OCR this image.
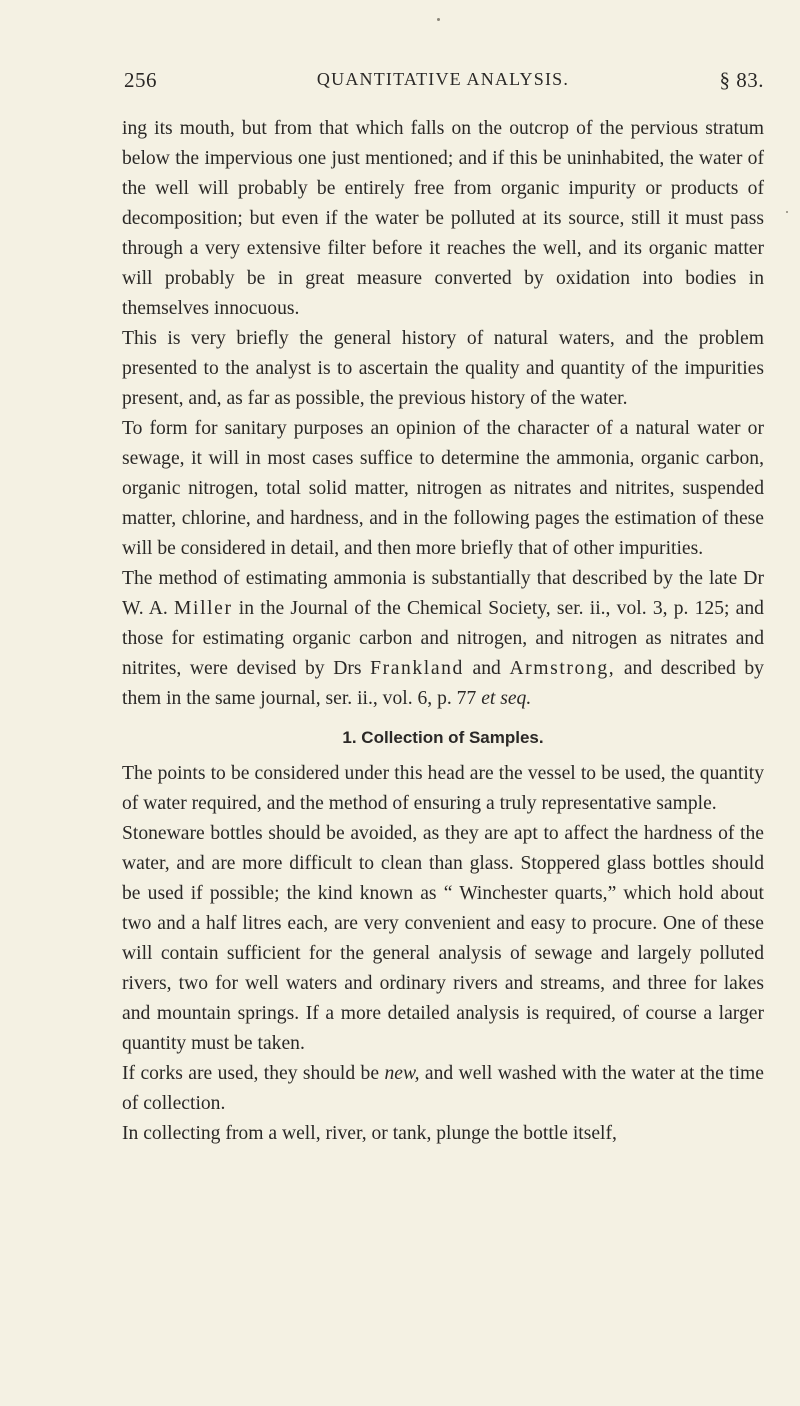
256	QUANTITATIVE ANALYSIS.	§ 83.

ing its mouth, but from that which falls on the outcrop of the pervious stratum below the impervious one just mentioned; and if this be uninhabited, the water of the well will probably be entirely free from organic impurity or products of decomposition; but even if the water be polluted at its source, still it must pass through a very extensive filter before it reaches the well, and its organic matter will probably be in great measure converted by oxidation into bodies in themselves innocuous.

This is very briefly the general history of natural waters, and the problem presented to the analyst is to ascertain the quality and quantity of the impurities present, and, as far as possible, the previous history of the water.

To form for sanitary purposes an opinion of the character of a natural water or sewage, it will in most cases suffice to determine the ammonia, organic carbon, organic nitrogen, total solid matter, nitrogen as nitrates and nitrites, suspended matter, chlorine, and hardness, and in the following pages the estimation of these will be considered in detail, and then more briefly that of other impurities.

The method of estimating ammonia is substantially that described by the late Dr W. A. Miller in the Journal of the Chemical Society, ser. ii., vol. 3, p. 125; and those for estimating organic carbon and nitrogen, and nitrogen as nitrates and nitrites, were devised by Drs Frankland and Armstrong, and described by them in the same journal, ser. ii., vol. 6, p. 77 et seq.

1. Collection of Samples.

The points to be considered under this head are the vessel to be used, the quantity of water required, and the method of ensuring a truly representative sample.

Stoneware bottles should be avoided, as they are apt to affect the hardness of the water, and are more difficult to clean than glass. Stoppered glass bottles should be used if possible; the kind known as “ Winchester quarts,” which hold about two and a half litres each, are very convenient and easy to procure. One of these will contain sufficient for the general analysis of sewage and largely polluted rivers, two for well waters and ordinary rivers and streams, and three for lakes and mountain springs. If a more detailed analysis is required, of course a larger quantity must be taken.

If corks are used, they should be new, and well washed with the water at the time of collection.

In collecting from a well, river, or tank, plunge the bottle itself,
